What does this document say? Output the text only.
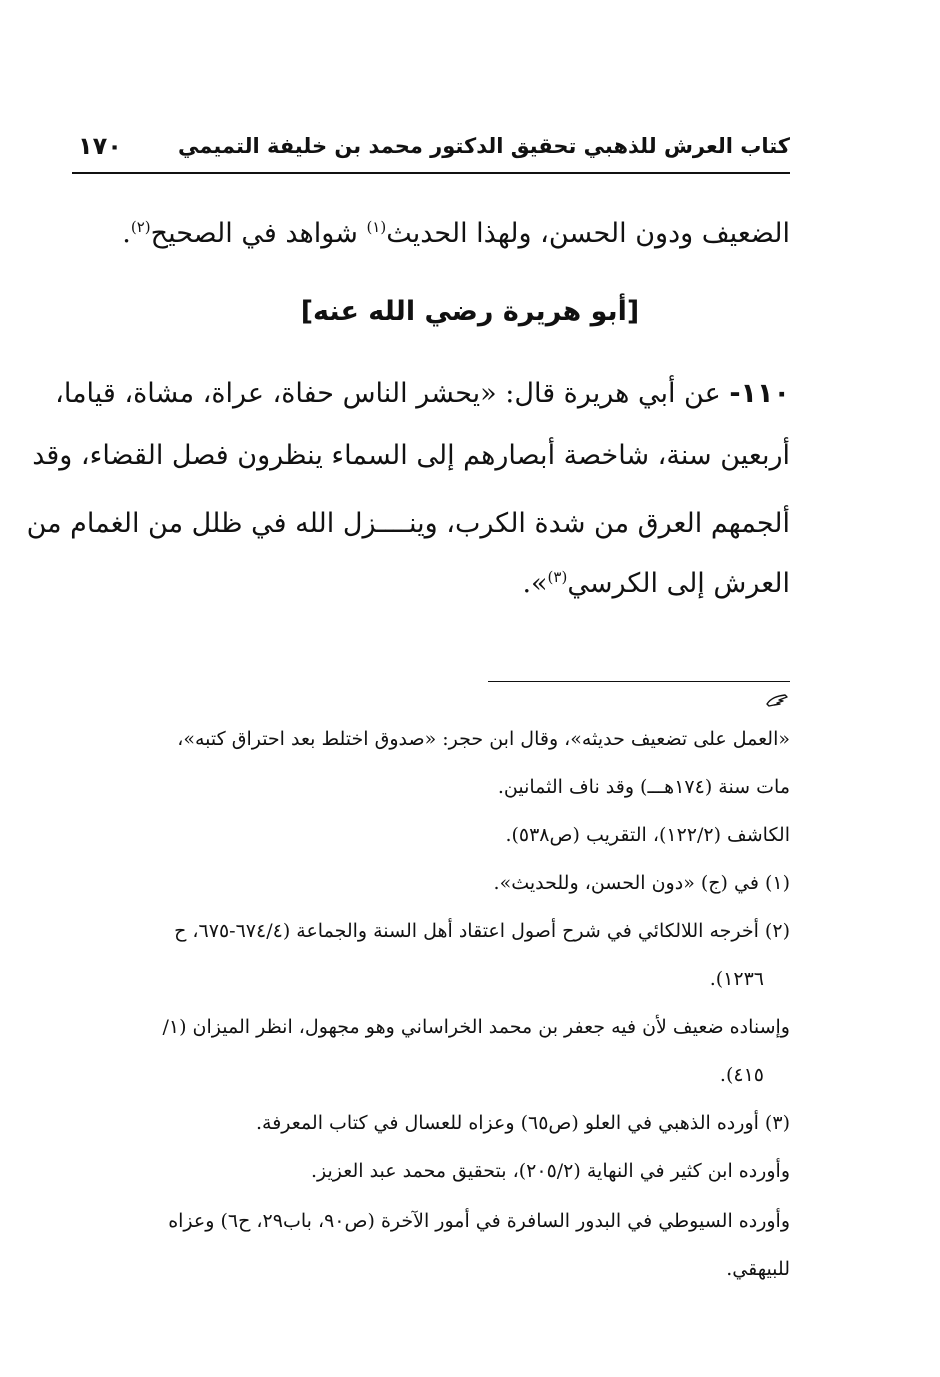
كتاب العرش للذهبي تحقيق الدكتور محمد بن خليفة التميمي
١٧٠
الضعيف ودون الحسن، ولهذا الحديث$^{(١)}$ شواهد في الصحيح$^{(٢)}$.
[أبو هريرة رضي الله عنه]
١١٠- عن أبي هريرة قال: «يحشر الناس حفاة، عراة، مشاة، قياما،
أربعين سنة، شاخصة أبصارهم إلى السماء ينظرون فصل القضاء، وقد
ألجمهم العرق من شدة الكرب، وينــــزل الله في ظلل من الغمام من
العرش إلى الكرسي$^{(٣)}$».
«العمل على تضعيف حديثه»، وقال ابن حجر: «صدوق اختلط بعد احتراق كتبه»،
مات سنة (١٧٤هـــ) وقد ناف الثمانين.
الكاشف (١٢٢/٢)، التقريب (ص٥٣٨).
(١) في (ج) «دون الحسن، وللحديث».
(٢) أخرجه اللالكائي في شرح أصول اعتقاد أهل السنة والجماعة (٦٧٤/٤-٦٧٥، ح
١٢٣٦).
وإسناده ضعيف لأن فيه جعفر بن محمد الخراساني وهو مجهول، انظر الميزان (١/
٤١٥).
(٣) أورده الذهبي في العلو (ص٦٥) وعزاه للعسال في كتاب المعرفة.
وأورده ابن كثير في النهاية (٢٠٥/٢)، بتحقيق محمد عبد العزيز.
وأورده السيوطي في البدور السافرة في أمور الآخرة (ص٩٠، باب٢٩، ح٦) وعزاه
للبيهقي.
